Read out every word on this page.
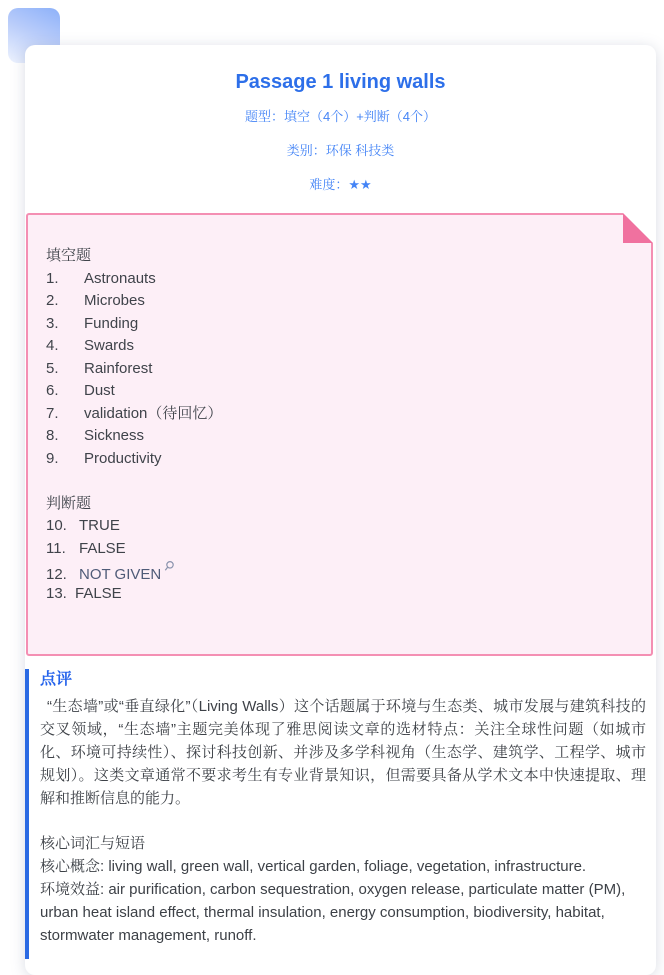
Passage 1 living walls
题型：填空（4个）+判断（4个）
类别：环保 科技类
难度：★★
填空题
1. Astronauts
2. Microbes
3. Funding
4. Swards
5. Rainforest
6. Dust
7. validation（待回忆）
8. Sickness
9. Productivity
判断题
10. TRUE
11. FALSE
12. NOT GIVEN
13. FALSE
点评

“生态墙”或“垂直绿化”（Living Walls）这个话题属于环境与生态类、城市发展与建筑科技的交叉领域，“生态墙”主题完美体现了雅思阅读文章的选材特点：关注全球性问题（如城市化、环境可持续性）、探讨科技创新、并涉及多学科视角（生态学、建筑学、工程学、城市规划）。这类文章通常不要求考生有专业背景知识，但需要具备从学术文本中快速提取、理解和推断信息的能力。

核心词汇与短语
核心概念: living wall, green wall, vertical garden, foliage, vegetation, infrastructure.
环境效益: air purification, carbon sequestration, oxygen release, particulate matter (PM), urban heat island effect, thermal insulation, energy consumption, biodiversity, habitat, stormwater management, runoff.
